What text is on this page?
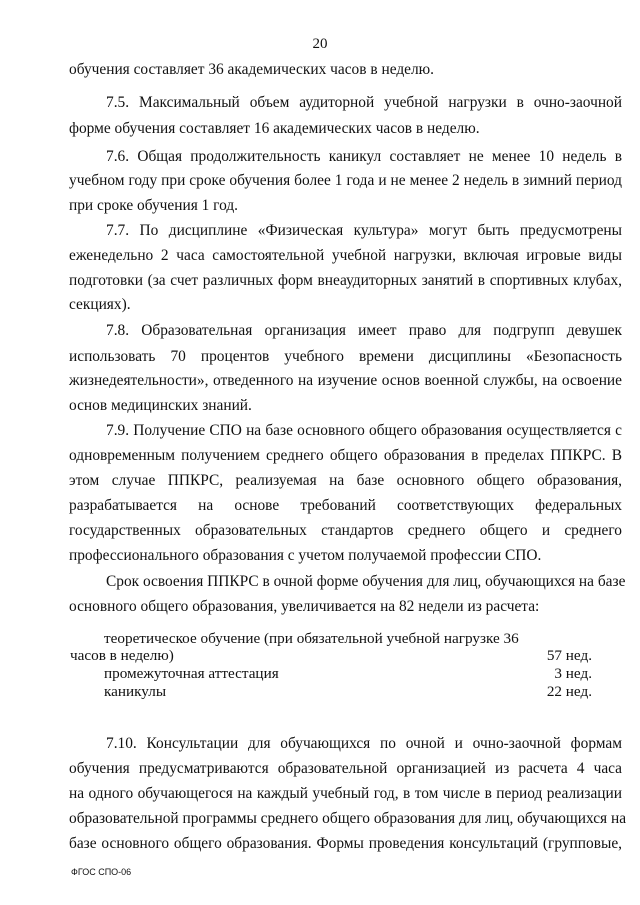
20
обучения составляет 36 академических часов в неделю.
7.5. Максимальный объем аудиторной учебной нагрузки в очно-заочной
форме обучения составляет 16 академических часов в неделю.
7.6. Общая продолжительность каникул составляет не менее 10 недель в
учебном году при сроке обучения более 1 года и не менее 2 недель в зимний период
при сроке обучения 1 год.
7.7. По дисциплине «Физическая культура» могут быть предусмотрены
еженедельно 2 часа самостоятельной учебной нагрузки, включая игровые виды
подготовки (за счет различных форм внеаудиторных занятий в спортивных клубах,
секциях).
7.8. Образовательная организация имеет право для подгрупп девушек
использовать 70 процентов учебного времени дисциплины «Безопасность
жизнедеятельности», отведенного на изучение основ военной службы, на освоение
основ медицинских знаний.
7.9. Получение СПО на базе основного общего образования осуществляется с
одновременным получением среднего общего образования в пределах ППКРС. В
этом случае ППКРС, реализуемая на базе основного общего образования,
разрабатывается на основе требований соответствующих федеральных
государственных образовательных стандартов среднего общего и среднего
профессионального образования с учетом получаемой профессии СПО.
Срок освоения ППКРС в очной форме обучения для лиц, обучающихся на базе
основного общего образования, увеличивается на 82 недели из расчета:
теоретическое обучение (при обязательной учебной нагрузке 36
часов в неделю)	57 нед.
промежуточная аттестация	3 нед.
каникулы	22 нед.
7.10. Консультации для обучающихся по очной и очно-заочной формам
обучения предусматриваются образовательной организацией из расчета 4 часа
на одного обучающегося на каждый учебный год, в том числе в период реализации
образовательной программы среднего общего образования для лиц, обучающихся на
базе основного общего образования. Формы проведения консультаций (групповые,
ФГОС СПО-06
